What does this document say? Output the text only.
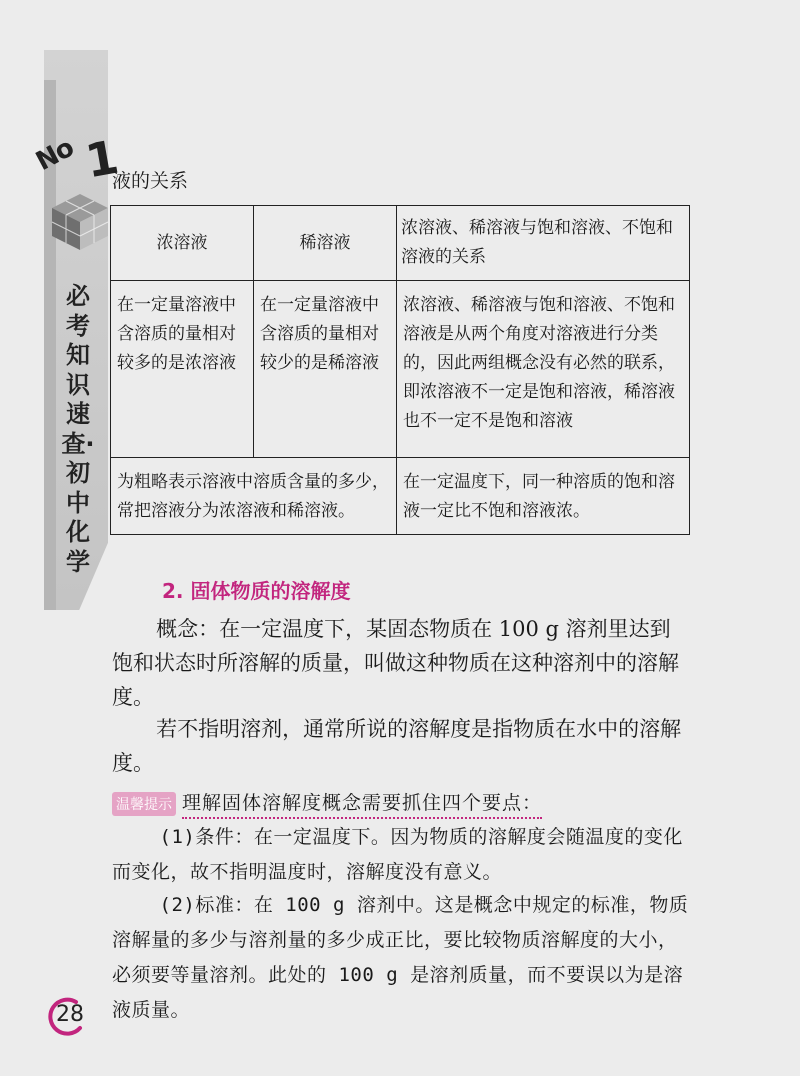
No 1
必考知识速查·初中化学

液的关系

浓溶液	稀溶液	浓溶液、稀溶液与饱和溶液、不饱和溶液的关系
在一定量溶液中含溶质的量相对较多的是浓溶液	在一定量溶液中含溶质的量相对较少的是稀溶液	浓溶液、稀溶液与饱和溶液、不饱和溶液是从两个角度对溶液进行分类的，因此两组概念没有必然的联系，即浓溶液不一定是饱和溶液，稀溶液也不一定不是饱和溶液
为粗略表示溶液中溶质含量的多少，常把溶液分为浓溶液和稀溶液。		在一定温度下，同一种溶质的饱和溶液一定比不饱和溶液浓。

2. 固体物质的溶解度

概念：在一定温度下，某固态物质在 100 g 溶剂里达到饱和状态时所溶解的质量，叫做这种物质在这种溶剂中的溶解度。

若不指明溶剂，通常所说的溶解度是指物质在水中的溶解度。

温馨提示 理解固体溶解度概念需要抓住四个要点：

(1)条件：在一定温度下。因为物质的溶解度会随温度的变化而变化，故不指明温度时，溶解度没有意义。

(2)标准：在 100 g 溶剂中。这是概念中规定的标准，物质溶解量的多少与溶剂量的多少成正比，要比较物质溶解度的大小，必须要等量溶剂。此处的 100 g 是溶剂质量，而不要误以为是溶液质量。

28
